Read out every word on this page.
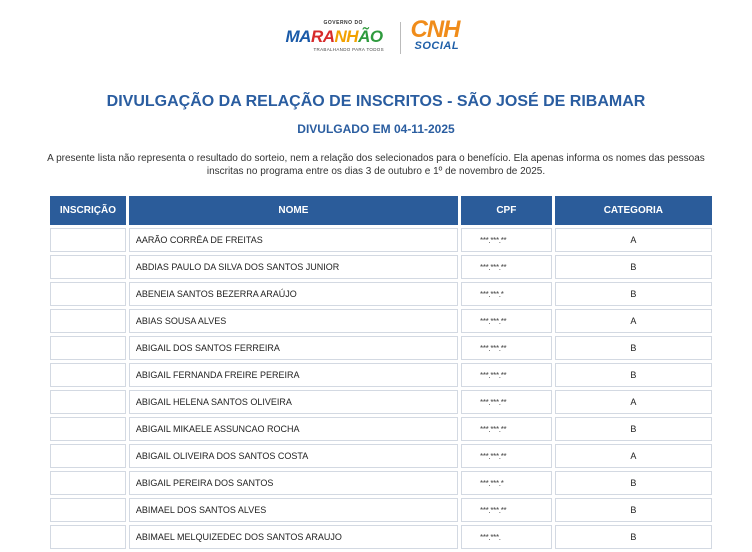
GOVERNO DO
MARANHÃO
TRABALHANDO PARA TODOS
CNH
SOCIAL
DIVULGAÇÃO DA RELAÇÃO DE INSCRITOS - SÃO JOSÉ DE RIBAMAR
DIVULGADO EM 04-11-2025

A presente lista não representa o resultado do sorteio, nem a relação dos selecionados para o benefício. Ela apenas informa os nomes das pessoas inscritas no programa entre os dias 3 de outubro e 1º de novembro de 2025.

INSCRIÇÃO	NOME	CPF	CATEGORIA
	AARÃO CORRÊA DE FREITAS	***.***.**	A
	ABDIAS PAULO DA SILVA DOS SANTOS JUNIOR	***.***.**	B
	ABENEIA SANTOS BEZERRA ARAÚJO	***.***.*	B
	ABIAS SOUSA ALVES	***.***.**	A
	ABIGAIL DOS SANTOS FERREIRA	***.***.**	B
	ABIGAIL FERNANDA FREIRE PEREIRA	***.***.**	B
	ABIGAIL HELENA SANTOS OLIVEIRA	***.***.**	A
	ABIGAIL MIKAELE ASSUNCAO ROCHA	***.***.**	B
	ABIGAIL OLIVEIRA DOS SANTOS COSTA	***.***.**	A
	ABIGAIL PEREIRA DOS SANTOS	***.***.*	B
	ABIMAEL DOS SANTOS ALVES	***.***.**	B
	ABIMAEL MELQUIZEDEC DOS SANTOS ARAUJO	***.***.	B
